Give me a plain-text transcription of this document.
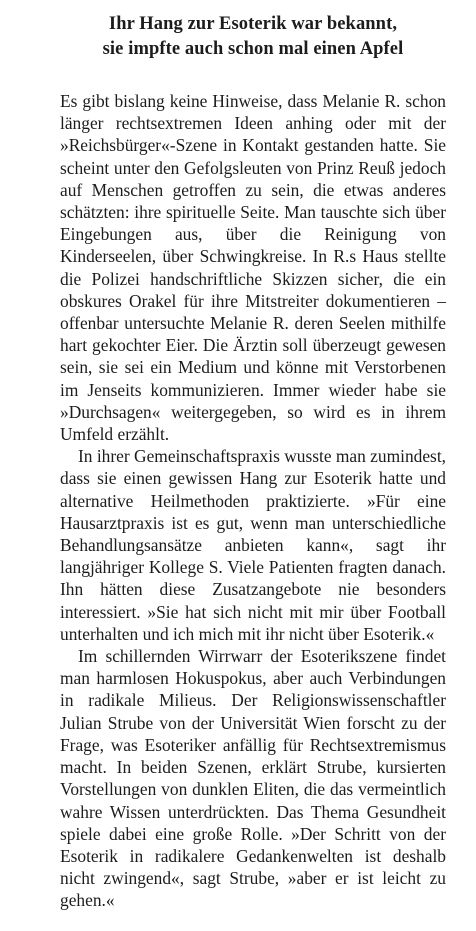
Ihr Hang zur Esoterik war bekannt,
sie impfte auch schon mal einen Apfel

Es gibt bislang keine Hinweise, dass Melanie R. schon länger rechtsextremen Ideen anhing oder mit der »Reichsbürger«-Szene in Kontakt gestanden hatte. Sie scheint unter den Gefolgsleuten von Prinz Reuß jedoch auf Menschen getroffen zu sein, die etwas anderes schätzten: ihre spirituelle Seite. Man tauschte sich über Eingebungen aus, über die Reinigung von Kinderseelen, über Schwingkreise. In R.s Haus stellte die Polizei handschriftliche Skizzen sicher, die ein obskures Orakel für ihre Mitstreiter dokumentieren – offenbar untersuchte Melanie R. deren Seelen mithilfe hart gekochter Eier. Die Ärztin soll überzeugt gewesen sein, sie sei ein Medium und könne mit Verstorbenen im Jenseits kommunizieren. Immer wieder habe sie »Durchsagen« weitergegeben, so wird es in ihrem Umfeld erzählt.

In ihrer Gemeinschaftspraxis wusste man zumindest, dass sie einen gewissen Hang zur Esoterik hatte und alternative Heilmethoden praktizierte. »Für eine Hausarztpraxis ist es gut, wenn man unterschiedliche Behandlungsansätze anbieten kann«, sagt ihr langjähriger Kollege S. Viele Patienten fragten danach. Ihn hätten diese Zusatzangebote nie besonders interessiert. »Sie hat sich nicht mit mir über Football unterhalten und ich mich mit ihr nicht über Esoterik.«

Im schillernden Wirrwarr der Esoterikszene findet man harmlosen Hokuspokus, aber auch Verbindungen in radikale Milieus. Der Religionswissenschaftler Julian Strube von der Universität Wien forscht zu der Frage, was Esoteriker anfällig für Rechtsextremismus macht. In beiden Szenen, erklärt Strube, kursierten Vorstellungen von dunklen Eliten, die das vermeintlich wahre Wissen unterdrückten. Das Thema Gesundheit spiele dabei eine große Rolle. »Der Schritt von der Esoterik in radikalere Gedankenwelten ist deshalb nicht zwingend«, sagt Strube, »aber er ist leicht zu gehen.«
